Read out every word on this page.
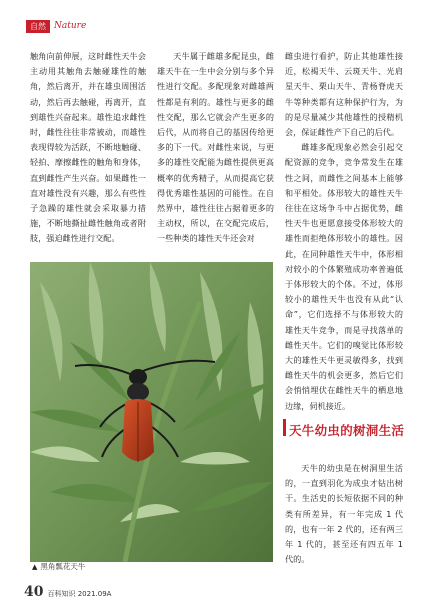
自然 Nature

触角向前伸展，这时雌性天牛会主动用其触角去触碰雄性的触角，然后离开，并在雄虫周围活动，然后再去触碰，再离开，直到雄性兴奋起来。雄性追求雌性时，雌性往往非常被动，而雄性表现得较为活跃，不断地触碰、轻拍、摩擦雌性的触角和身体，直到雌性产生兴奋。如果雌性一直对雄性没有兴趣，那么有些性子急躁的雄性就会采取暴力措施，不断地撕扯雌性触角或者附肢，强迫雌性进行交配。

天牛属于雌雄多配昆虫，雌雄天牛在一生中会分别与多个异性进行交配。多配现象对雌雄两性都是有利的。雄性与更多的雌性交配，那么它就会产生更多的后代，从而将自己的基因传给更多的下一代。对雌性来说，与更多的雄性交配能为雌性提供更高概率的优秀精子，从而提高它获得优秀雄性基因的可能性。在自然界中，雄性往往占据着更多的主动权，所以，在交配完成后，一些种类的雄性天牛还会对

雌虫进行看护，防止其他雄性接近，松褐天牛、云斑天牛、光肩星天牛、栗山天牛、青杨脊虎天牛等种类都有这种保护行为，为的是尽量减少其他雄性的授精机会，保证雌性产下自己的后代。

雌雄多配现象必然会引起交配资源的竞争，竞争常发生在雄性之间，而雌性之间基本上能够和平相处。体形较大的雄性天牛往往在这场争斗中占据优势，雌性天牛也更愿意接受体形较大的雄性而拒绝体形较小的雄性。因此，在同种雄性天牛中，体形相对较小的个体繁殖成功率普遍低于体形较大的个体。不过，体形较小的雄性天牛也没有从此“认命”，它们选择不与体形较大的雄性天牛竞争，而是寻找落单的雌性天牛。它们的嗅觉比体形较大的雄性天牛更灵敏得多，找到雌性天牛的机会更多，然后它们会悄悄埋伏在雌性天牛的栖息地边缘，伺机接近。

天牛幼虫的树洞生活

天牛的幼虫是在树洞里生活的，一直到羽化为成虫才钻出树干。生活史的长短依据不同的种类有所差异，有一年完成 1 代的，也有一年 2 代的，还有两三年 1 代的，甚至还有四五年 1 代的。

▲ 黑角瓢花天牛
40 百科知识 2021.09A
